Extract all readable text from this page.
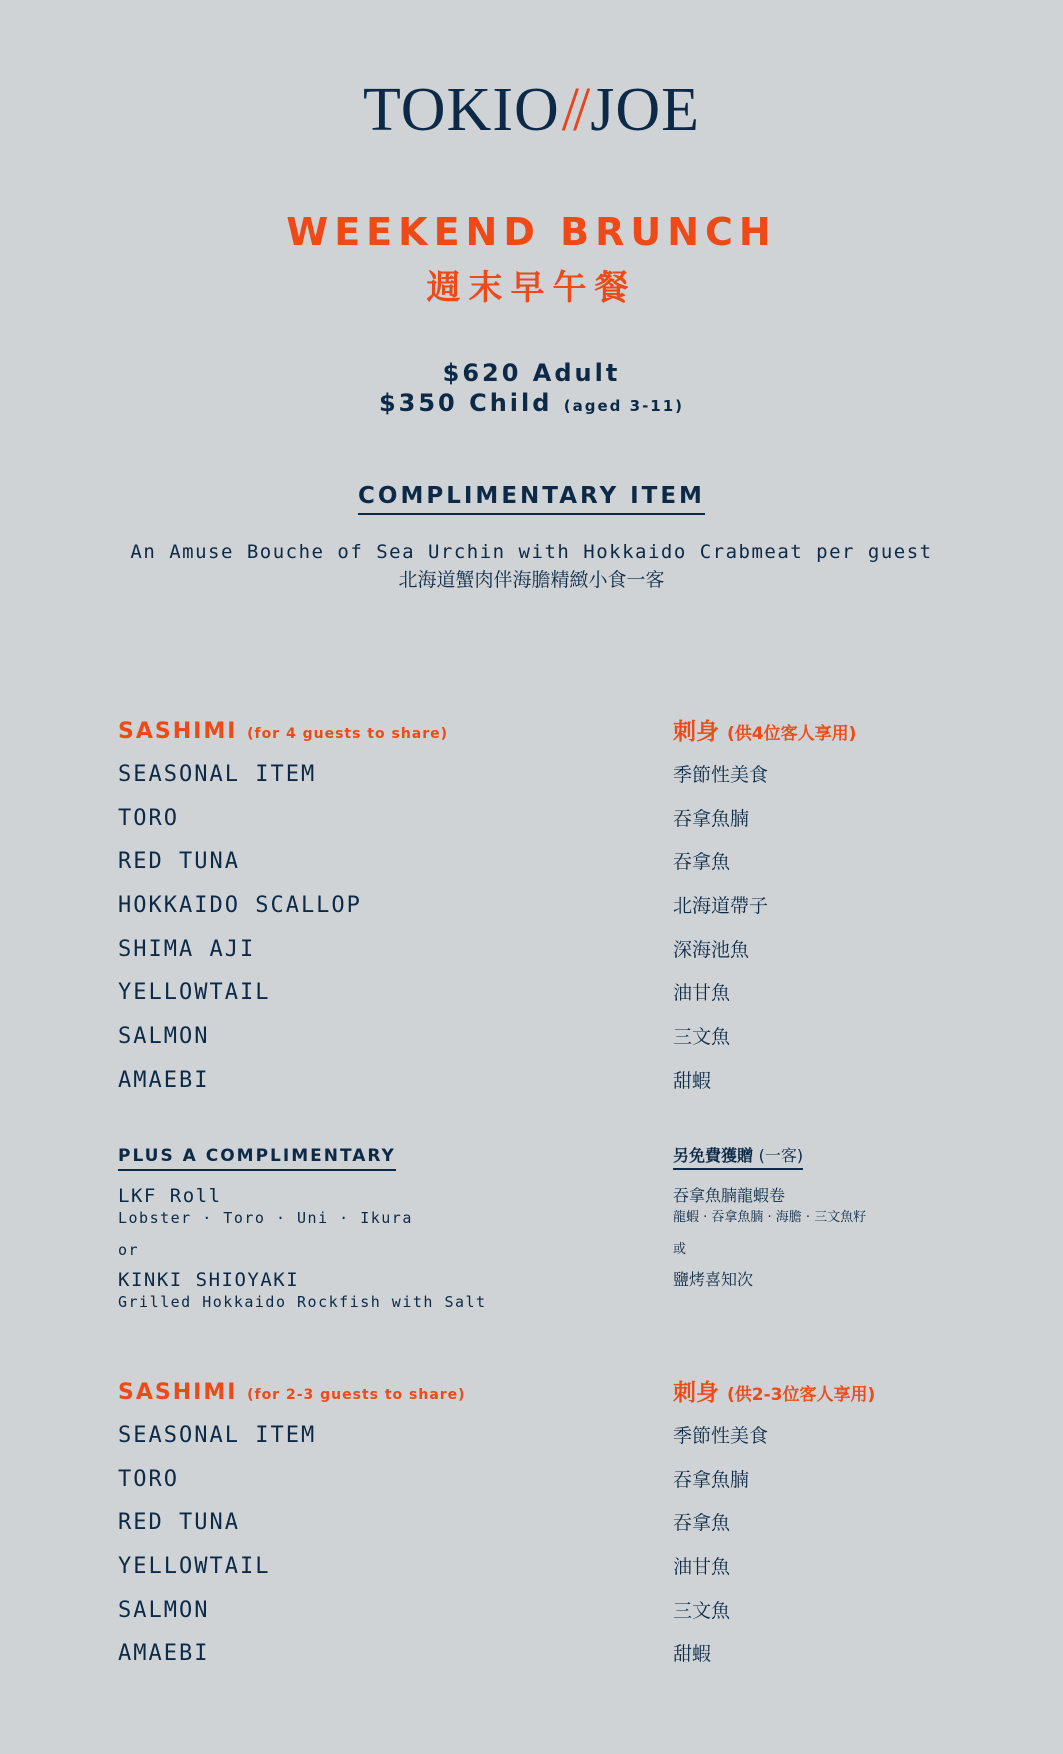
TOKIO//JOE
WEEKEND BRUNCH
週末早午餐
$620 Adult
$350 Child (aged 3-11)
COMPLIMENTARY ITEM
An Amuse Bouche of Sea Urchin with Hokkaido Crabmeat per guest
北海道蟹肉伴海膽精緻小食一客
SASHIMI (for 4 guests to share)
SEASONAL ITEM
TORO
RED TUNA
HOKKAIDO SCALLOP
SHIMA AJI
YELLOWTAIL
SALMON
AMAEBI
刺身 (供4位客人享用)
季節性美食
吞拿魚腩
吞拿魚
北海道帶子
深海池魚
油甘魚
三文魚
甜蝦
PLUS A COMPLIMENTARY
LKF Roll
Lobster · Toro · Uni · Ikura
or
KINKI SHIOYAKI
Grilled Hokkaido Rockfish with Salt
另免費獲贈 (一客)
吞拿魚腩龍蝦卷
龍蝦 · 吞拿魚腩 · 海膽 · 三文魚籽
或
鹽烤喜知次
SASHIMI (for 2-3 guests to share)
SEASONAL ITEM
TORO
RED TUNA
YELLOWTAIL
SALMON
AMAEBI
刺身 (供2-3位客人享用)
季節性美食
吞拿魚腩
吞拿魚
油甘魚
三文魚
甜蝦
